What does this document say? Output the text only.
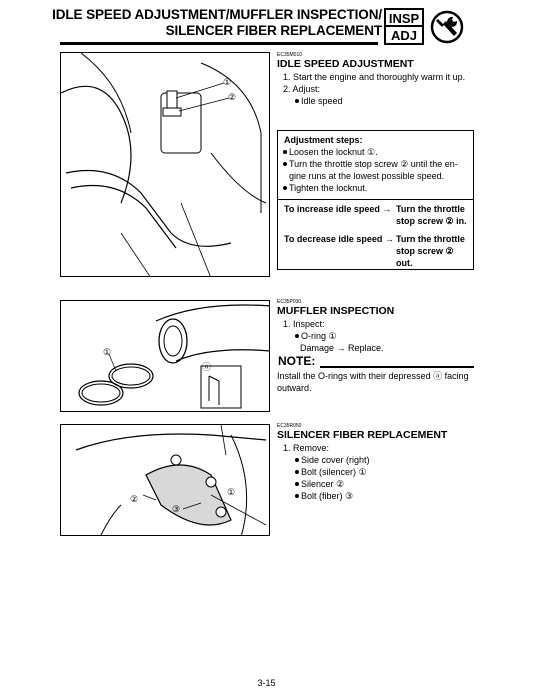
IDLE SPEED ADJUSTMENT/MUFFLER INSPECTION/
SILENCER FIBER REPLACEMENT
INSP
ADJ
①
②
EC35M010
IDLE SPEED ADJUSTMENT
1. Start the engine and thoroughly warm it up.
2. Adjust:
Idle speed
Adjustment steps:
Loosen the locknut ①.
Turn the throttle stop screw ② until the en-
gine runs at the lowest possible speed.
Tighten the locknut.
To increase idle speed → Turn the throttle
stop screw ② in.
To decrease idle speed → Turn the throttle
stop screw ②
out.
①
ⓐ
EC35P030
MUFFLER INSPECTION
1. Inspect:
O-ring ①
Damage → Replace.
NOTE:
Install the O-rings with their depressed ⓐ facing
outward.
①
②
③
EC35R050
SILENCER FIBER REPLACEMENT
1. Remove:
Side cover (right)
Bolt (silencer) ①
Silencer ②
Bolt (fiber) ③
3-15
